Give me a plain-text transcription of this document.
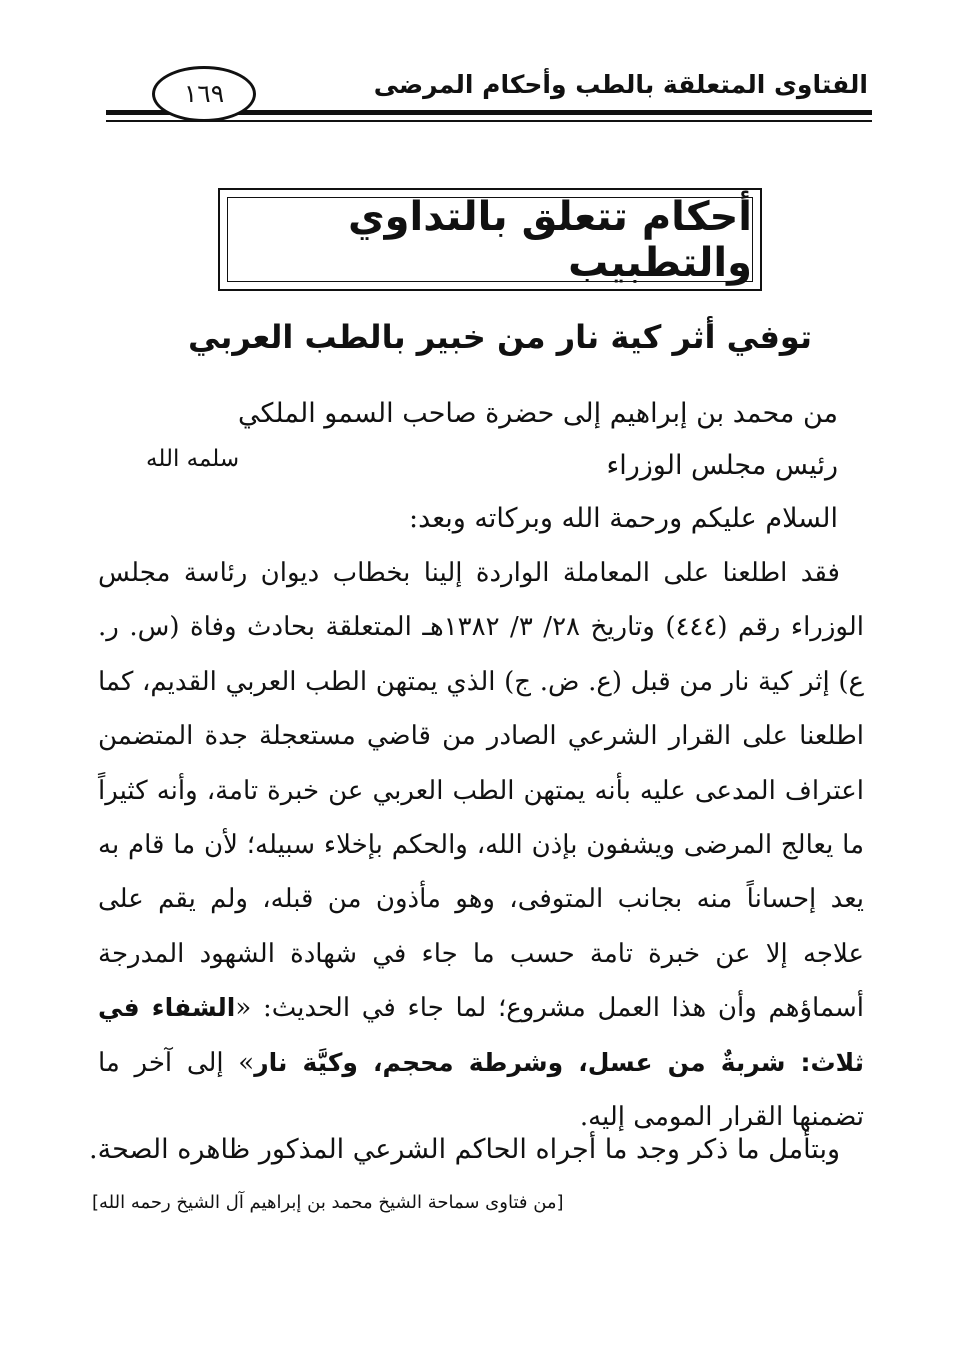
الفتاوى المتعلقة بالطب وأحكام المرضى
١٦٩
أحكام تتعلق بالتداوي والتطبيب
توفي أثر كية نار من خبير بالطب العربي
من محمد بن إبراهيم إلى حضرة صاحب السمو الملكي
رئيس مجلس الوزراء
سلمه الله
السلام عليكم ورحمة الله وبركاته وبعد:
فقد اطلعنا على المعاملة الواردة إلينا بخطاب ديوان رئاسة مجلس الوزراء رقم (٤٤٤) وتاريخ ٢٨/ ٣/ ١٣٨٢هـ المتعلقة بحادث وفاة (س. ر. ع) إثر كية نار من قبل (ع. ض. ج) الذي يمتهن الطب العربي القديم، كما اطلعنا على القرار الشرعي الصادر من قاضي مستعجلة جدة المتضمن اعتراف المدعى عليه بأنه يمتهن الطب العربي عن خبرة تامة، وأنه كثيراً ما يعالج المرضى ويشفون بإذن الله، والحكم بإخلاء سبيله؛ لأن ما قام به يعد إحساناً منه بجانب المتوفى، وهو مأذون من قبله، ولم يقم على علاجه إلا عن خبرة تامة حسب ما جاء في شهادة الشهود المدرجة أسماؤهم وأن هذا العمل مشروع؛ لما جاء في الحديث: «الشفاء في ثلاث: شربةٌ من عسل، وشرطة محجم، وكيَّة نار» إلى آخر ما تضمنها القرار المومى إليه.
وبتأمل ما ذكر وجد ما أجراه الحاكم الشرعي المذكور ظاهره الصحة.
[من فتاوى سماحة الشيخ محمد بن إبراهيم آل الشيخ رحمه الله]
